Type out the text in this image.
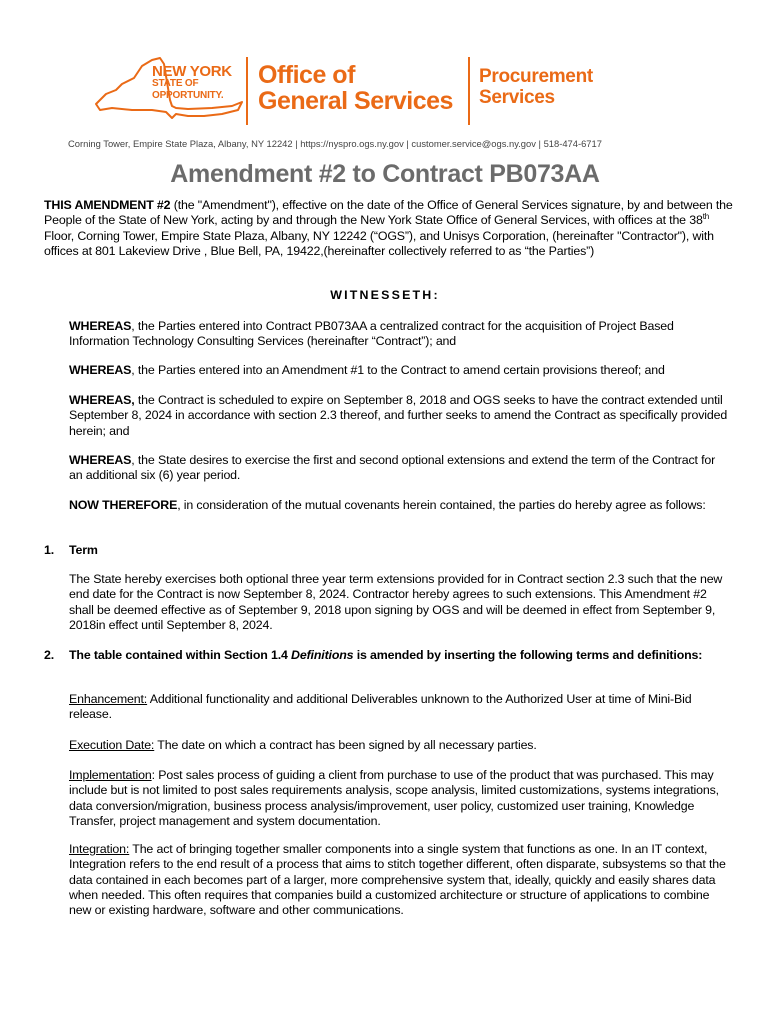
NEW YORK
STATE OF
OPPORTUNITY.
Office of
General Services
Procurement
Services
Corning Tower, Empire State Plaza, Albany, NY 12242 | https://nyspro.ogs.ny.gov | customer.service@ogs.ny.gov | 518-474-6717
Amendment #2 to Contract PB073AA
THIS AMENDMENT #2 (the "Amendment"), effective on the date of the Office of General Services signature, by and between the People of the State of New York, acting by and through the New York State Office of General Services, with offices at the 38th Floor, Corning Tower, Empire State Plaza, Albany, NY 12242 (“OGS”), and Unisys Corporation, (hereinafter "Contractor"), with offices at 801 Lakeview Drive , Blue Bell, PA, 19422,(hereinafter collectively referred to as “the Parties”)
WITNESSETH:
WHEREAS, the Parties entered into Contract PB073AA a centralized contract for the acquisition of Project Based Information Technology Consulting Services (hereinafter “Contract”); and
WHEREAS, the Parties entered into an Amendment #1 to the Contract to amend certain provisions thereof; and
WHEREAS, the Contract is scheduled to expire on September 8, 2018 and OGS seeks to have the contract extended until September 8, 2024 in accordance with section 2.3 thereof, and further seeks to amend the Contract as specifically provided herein; and
WHEREAS, the State desires to exercise the first and second optional extensions and extend the term of the Contract for an additional six (6) year period.
NOW THEREFORE, in consideration of the mutual covenants herein contained, the parties do hereby agree as follows:
1. Term
The State hereby exercises both optional three year term extensions provided for in Contract section 2.3 such that the new end date for the Contract is now September 8, 2024. Contractor hereby agrees to such extensions. This Amendment #2 shall be deemed effective as of September 9, 2018 upon signing by OGS and will be deemed in effect from September 9, 2018in effect until September 8, 2024.
2. The table contained within Section 1.4 Definitions is amended by inserting the following terms and definitions:
Enhancement: Additional functionality and additional Deliverables unknown to the Authorized User at time of Mini-Bid release.
Execution Date: The date on which a contract has been signed by all necessary parties.
Implementation: Post sales process of guiding a client from purchase to use of the product that was purchased. This may include but is not limited to post sales requirements analysis, scope analysis, limited customizations, systems integrations, data conversion/migration, business process analysis/improvement, user policy, customized user training, Knowledge Transfer, project management and system documentation.
Integration: The act of bringing together smaller components into a single system that functions as one. In an IT context, Integration refers to the end result of a process that aims to stitch together different, often disparate, subsystems so that the data contained in each becomes part of a larger, more comprehensive system that, ideally, quickly and easily shares data when needed. This often requires that companies build a customized architecture or structure of applications to combine new or existing hardware, software and other communications.
